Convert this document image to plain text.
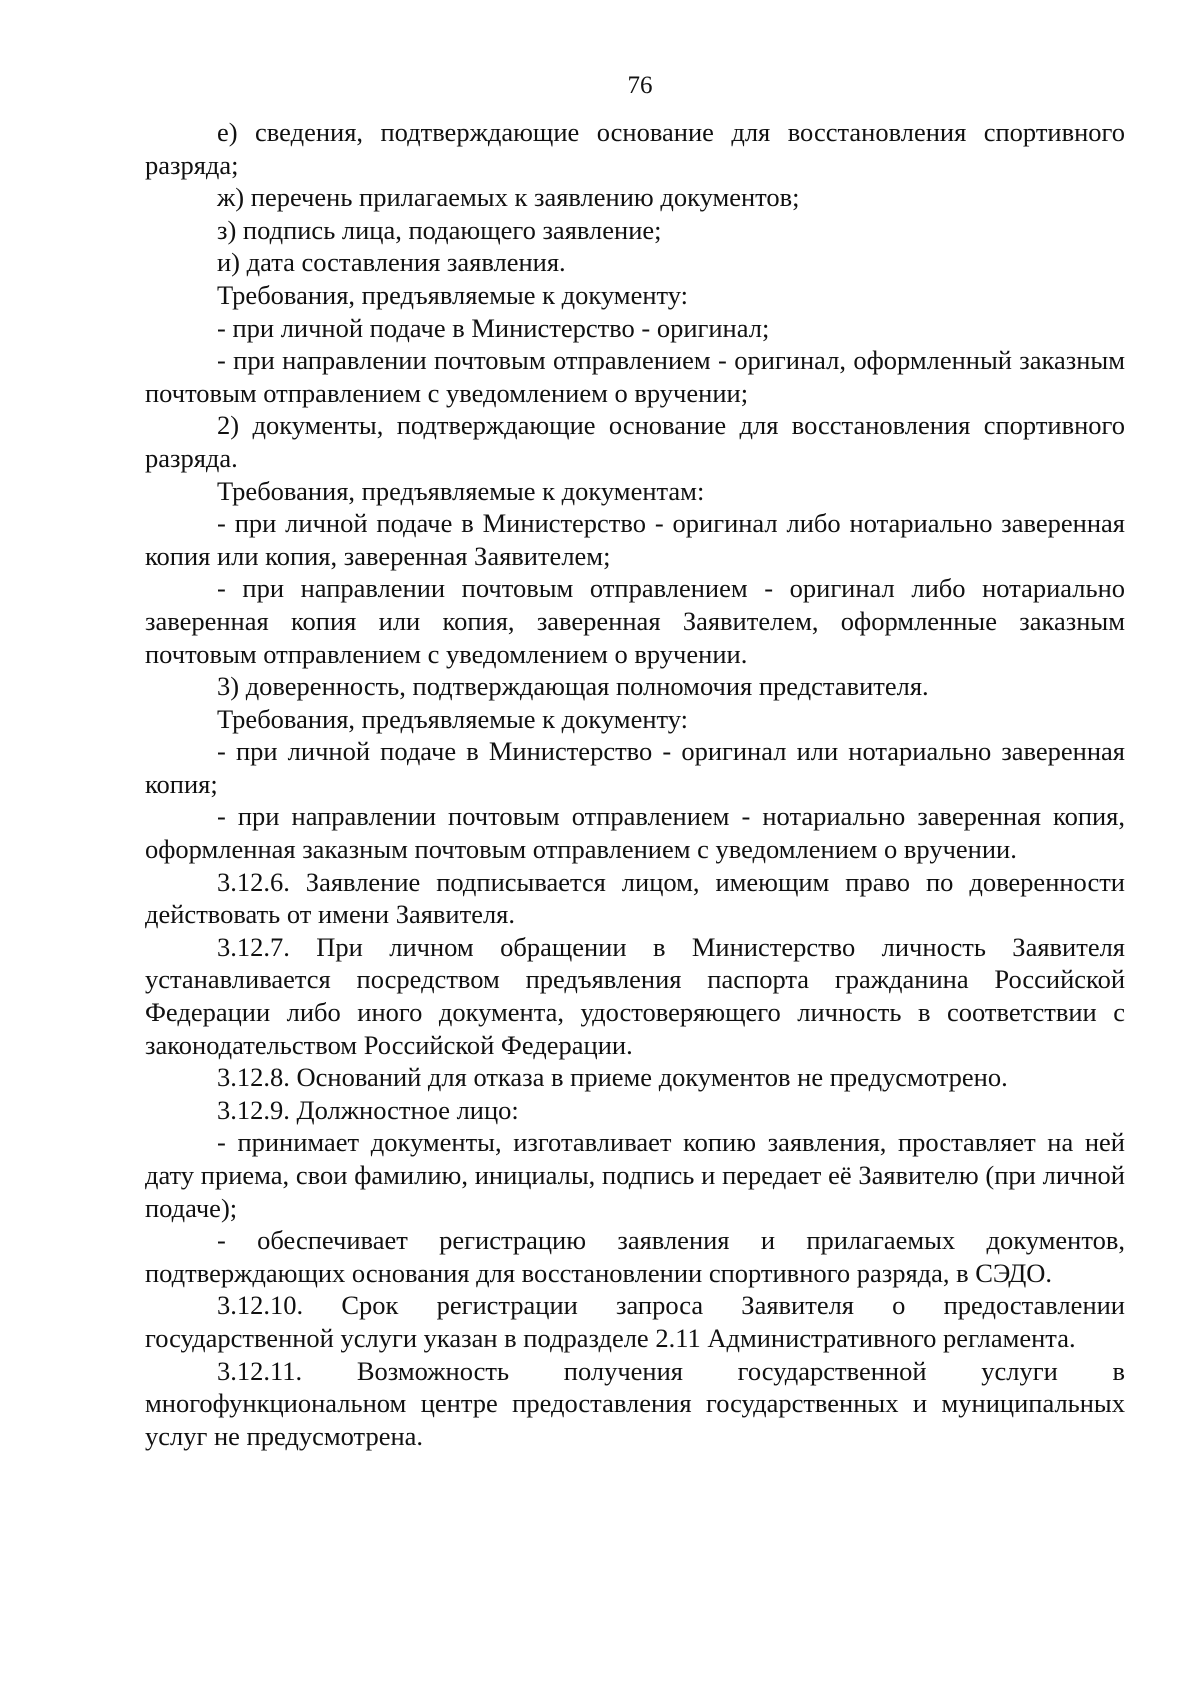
76

е) сведения, подтверждающие основание для восстановления спортивного разряда;

ж) перечень прилагаемых к заявлению документов;

з) подпись лица, подающего заявление;

и) дата составления заявления.

Требования, предъявляемые к документу:

- при личной подаче в Министерство - оригинал;

- при направлении почтовым отправлением - оригинал, оформленный заказным почтовым отправлением с уведомлением о вручении;

2) документы, подтверждающие основание для восстановления спортивного разряда.

Требования, предъявляемые к документам:

- при личной подаче в Министерство - оригинал либо нотариально заверенная копия или копия, заверенная Заявителем;

- при направлении почтовым отправлением - оригинал либо нотариально заверенная копия или копия, заверенная Заявителем, оформленные заказным почтовым отправлением с уведомлением о вручении.

3) доверенность, подтверждающая полномочия представителя.

Требования, предъявляемые к документу:

- при личной подаче в Министерство - оригинал или нотариально заверенная копия;

- при направлении почтовым отправлением - нотариально заверенная копия, оформленная заказным почтовым отправлением с уведомлением о вручении.

3.12.6. Заявление подписывается лицом, имеющим право по доверенности действовать от имени Заявителя.

3.12.7. При личном обращении в Министерство личность Заявителя устанавливается посредством предъявления паспорта гражданина Российской Федерации либо иного документа, удостоверяющего личность в соответствии с законодательством Российской Федерации.

3.12.8. Оснований для отказа в приеме документов не предусмотрено.

3.12.9. Должностное лицо:

- принимает документы, изготавливает копию заявления, проставляет на ней дату приема, свои фамилию, инициалы, подпись и передает её Заявителю (при личной подаче);

- обеспечивает регистрацию заявления и прилагаемых документов, подтверждающих основания для восстановлении спортивного разряда, в СЭДО.

3.12.10. Срок регистрации запроса Заявителя о предоставлении государственной услуги указан в подразделе 2.11 Административного регламента.

3.12.11. Возможность получения государственной услуги в многофункциональном центре предоставления государственных и муниципальных услуг не предусмотрена.
